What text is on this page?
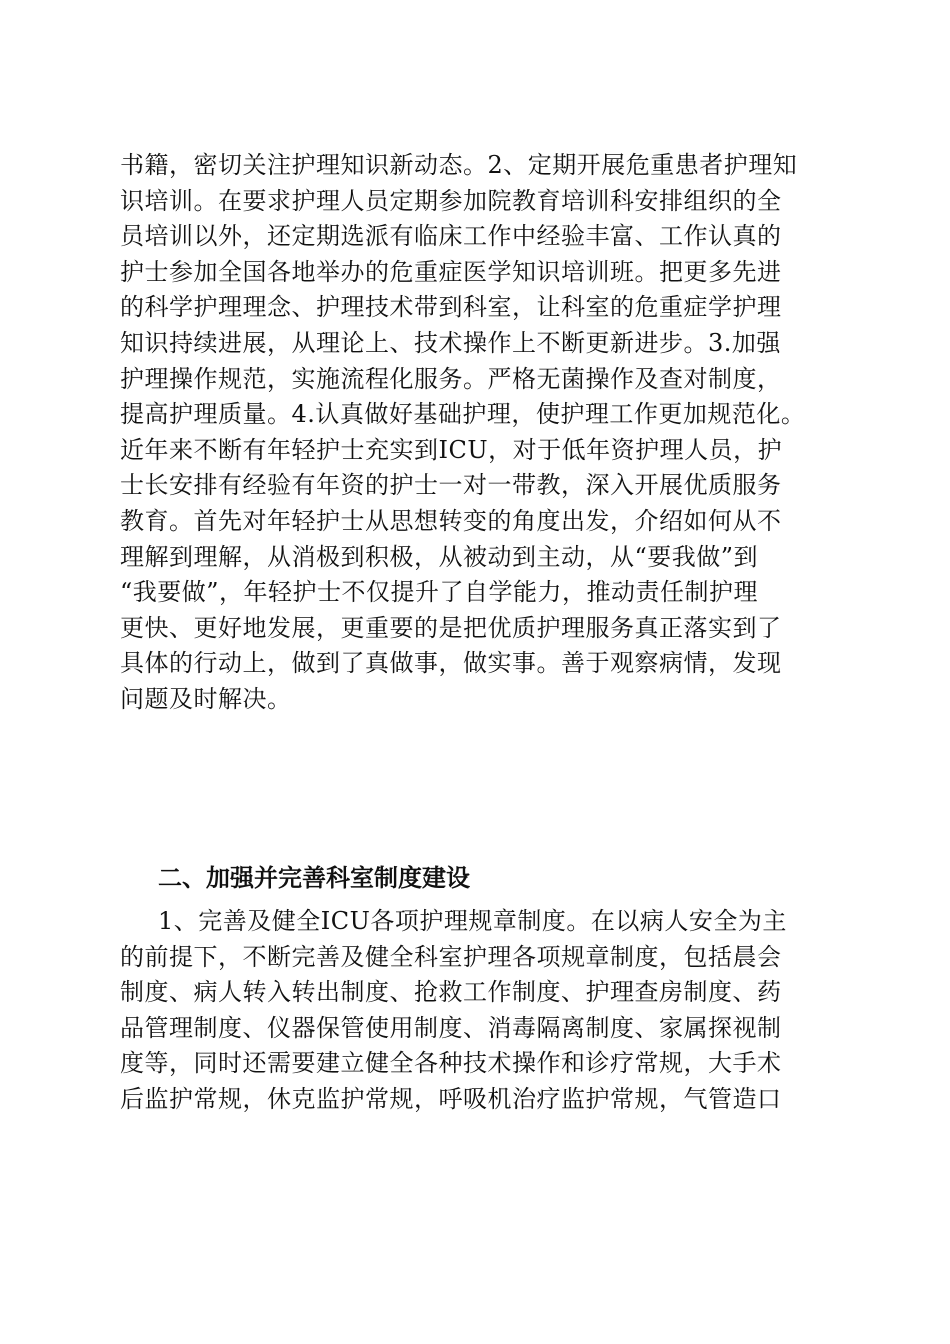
书籍，密切关注护理知识新动态。2、定期开展危重患者护理知
识培训。在要求护理人员定期参加院教育培训科安排组织的全
员培训以外，还定期选派有临床工作中经验丰富、工作认真的
护士参加全国各地举办的危重症医学知识培训班。把更多先进
的科学护理理念、护理技术带到科室，让科室的危重症学护理
知识持续进展，从理论上、技术操作上不断更新进步。3.加强
护理操作规范，实施流程化服务。严格无菌操作及查对制度，
提高护理质量。4.认真做好基础护理，使护理工作更加规范化。
近年来不断有年轻护士充实到ICU，对于低年资护理人员，护
士长安排有经验有年资的护士一对一带教，深入开展优质服务
教育。首先对年轻护士从思想转变的角度出发，介绍如何从不
理解到理解，从消极到积极，从被动到主动，从“要我做”到
“我要做”，年轻护士不仅提升了自学能力，推动责任制护理
更快、更好地发展，更重要的是把优质护理服务真正落实到了
具体的行动上，做到了真做事，做实事。善于观察病情，发现
问题及时解决。
二、加强并完善科室制度建设
1、完善及健全ICU各项护理规章制度。在以病人安全为主
的前提下，不断完善及健全科室护理各项规章制度，包括晨会
制度、病人转入转出制度、抢救工作制度、护理查房制度、药
品管理制度、仪器保管使用制度、消毒隔离制度、家属探视制
度等，同时还需要建立健全各种技术操作和诊疗常规，大手术
后监护常规，休克监护常规，呼吸机治疗监护常规，气管造口
